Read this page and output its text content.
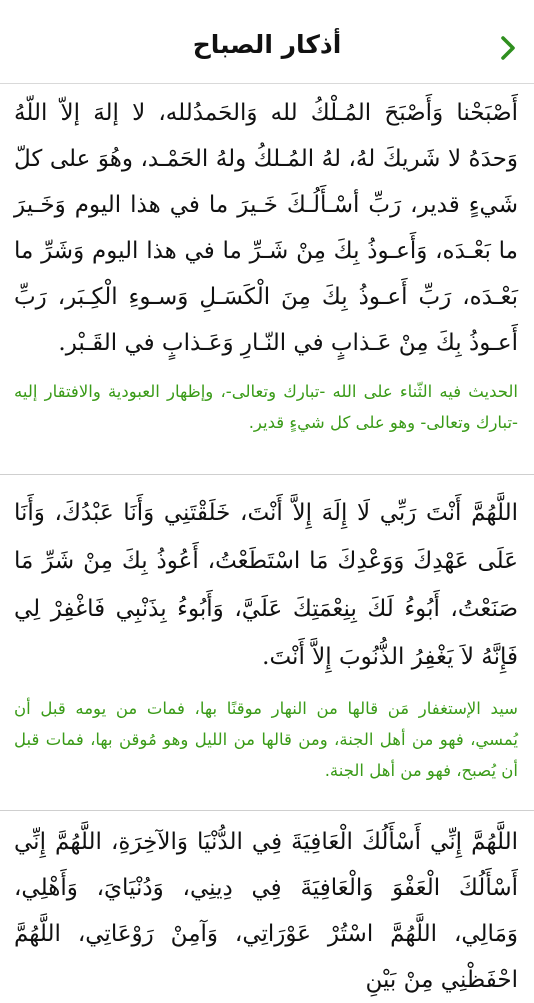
أذكار الصباح

أَصْبَحْنا وَأَصْبَحَ المُـلْكُ لله وَالحَمدُلله، لا إلهَ إلاّ اللّهُ وَحدَهُ لا شَريكَ لهُ، لهُ المُـلكُ ولهُ الحَمْـد، وهُوَ على كلّ شَيءٍ قدير، رَبِّ أسْـأَلُـكَ خَـيرَ ما في هذا اليوم وَخَـيرَ ما بَعْـدَه، وَأَعـوذُ بِكَ مِنْ شَـرِّ ما في هذا اليوم وَشَرِّ ما بَعْـدَه، رَبِّ أَعـوذُ بِكَ مِنَ الْكَسَـلِ وَسـوءِ الْكِـبَر، رَبِّ أَعـوذُ بِكَ مِنْ عَـذابٍ في النّـارِ وَعَـذابٍ في القَـبْر.

الحديث فيه الثّناء على الله -تبارك وتعالى-، وإظهار العبودية والافتقار إليه -تبارك وتعالى- وهو على كل شيءٍ قدير.

اللَّهُمَّ أَنْتَ رَبِّي لَا إِلَهَ إِلاَّ أَنْتَ، خَلَقْتَنِي وَأَنَا عَبْدُكَ، وَأَنَا عَلَى عَهْدِكَ وَوَعْدِكَ مَا اسْتَطَعْتُ، أَعُوذُ بِكَ مِنْ شَرِّ مَا صَنَعْتُ، أَبُوءُ لَكَ بِنِعْمَتِكَ عَلَيَّ، وَأَبُوءُ بِذَنْبِي فَاغْفِرْ لِي فَإِنَّهُ لاَ يَغْفِرُ الذُّنُوبَ إِلاَّ أَنْتَ.

سيد الإستغفار مَن قالها من النهار موقنًا بها، فمات من يومه قبل أن يُمسي، فهو من أهل الجنة، ومن قالها من الليل وهو مُوقن بها، فمات قبل أن يُصبح، فهو من أهل الجنة.

اللَّهُمَّ إِنِّي أَسْأَلُكَ الْعَافِيَةَ فِي الدُّنْيَا وَالآخِرَةِ، اللَّهُمَّ إِنِّي أَسْأَلُكَ الْعَفْوَ وَالْعَافِيَةَ فِي دِينِي، وَدُنْيَايَ، وَأَهْلِي، وَمَالِي، اللَّهُمَّ اسْتُرْ عَوْرَاتِي، وَآمِنْ رَوْعَاتِي، اللَّهُمَّ احْفَظْنِي مِنْ بَيْنِ
